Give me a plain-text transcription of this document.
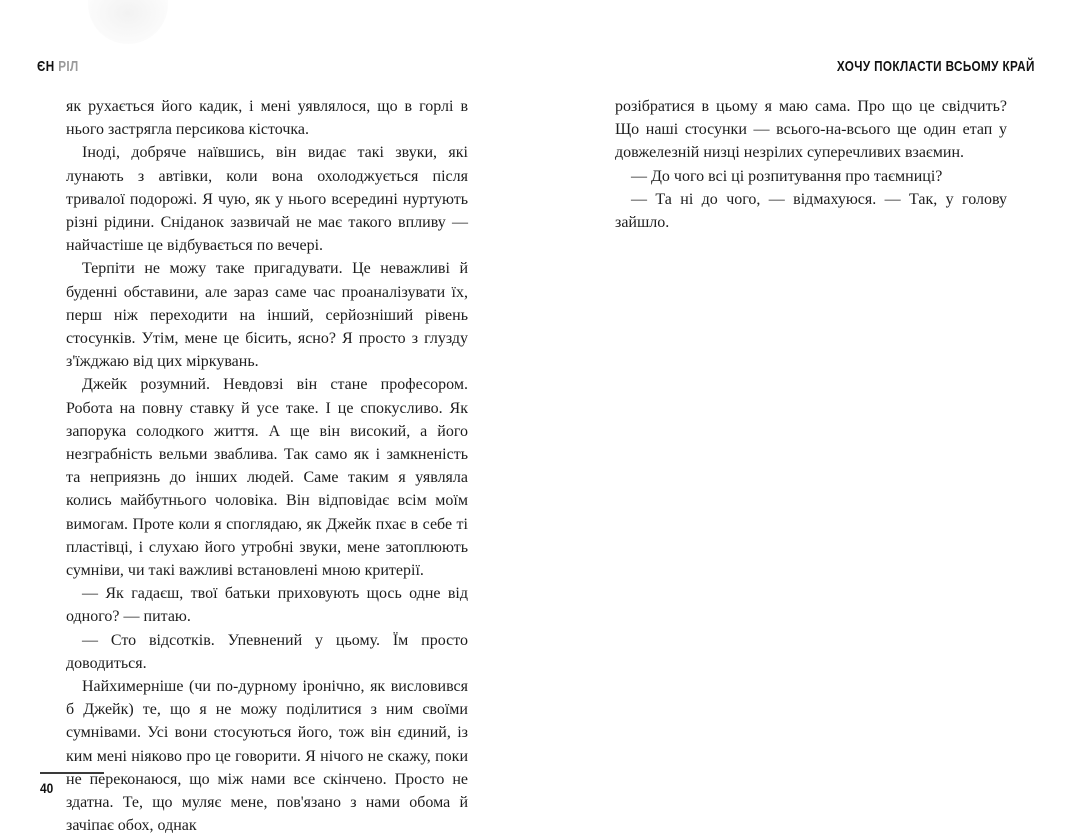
ЄН РІЛ

як рухається його кадик, і мені уявлялося, що в горлі в нього застрягла персикова кісточка.

Іноді, добряче наївшись, він видає такі звуки, які лунають з автівки, коли вона охолоджується після тривалої подорожі. Я чую, як у нього всередині нуртують різні рідини. Сніданок зазвичай не має такого впливу — найчастіше це відбувається по вечері.

Терпіти не можу таке пригадувати. Це неважливі й буденні обставини, але зараз саме час проаналізувати їх, перш ніж переходити на інший, серйозніший рівень стосунків. Утім, мене це бісить, ясно? Я просто з глузду з'їжджаю від цих міркувань.

Джейк розумний. Невдовзі він стане професором. Робота на повну ставку й усе таке. І це спокусливо. Як запорука солодкого життя. А ще він високий, а його незграбність вельми зваблива. Так само як і замкненість та неприязнь до інших людей. Саме таким я уявляла колись майбутнього чоловіка. Він відповідає всім моїм вимогам. Проте коли я споглядаю, як Джейк пхає в себе ті пластівці, і слухаю його утробні звуки, мене затоплюють сумніви, чи такі важливі встановлені мною критерії.

— Як гадаєш, твої батьки приховують щось одне від одного? — питаю.

— Сто відсотків. Упевнений у цьому. Їм просто доводиться.

Найхимерніше (чи по-дурному іронічно, як висловився б Джейк) те, що я не можу поділитися з ним своїми сумнівами. Усі вони стосуються його, тож він єдиний, із ким мені ніяково про це говорити. Я нічого не скажу, поки не переконаюся, що між нами все скінчено. Просто не здатна. Те, що муляє мене, пов'язано з нами обома й зачіпає обох, однак

40
ХОЧУ ПОКЛАСТИ ВСЬОМУ КРАЙ

розібратися в цьому я маю сама. Про що це свідчить? Що наші стосунки — всього-на-всього ще один етап у довжелезній низці незрілих суперечливих взаємин.

— До чого всі ці розпитування про таємниці?

— Та ні до чого, — відмахуюся. — Так, у голову зайшло.
